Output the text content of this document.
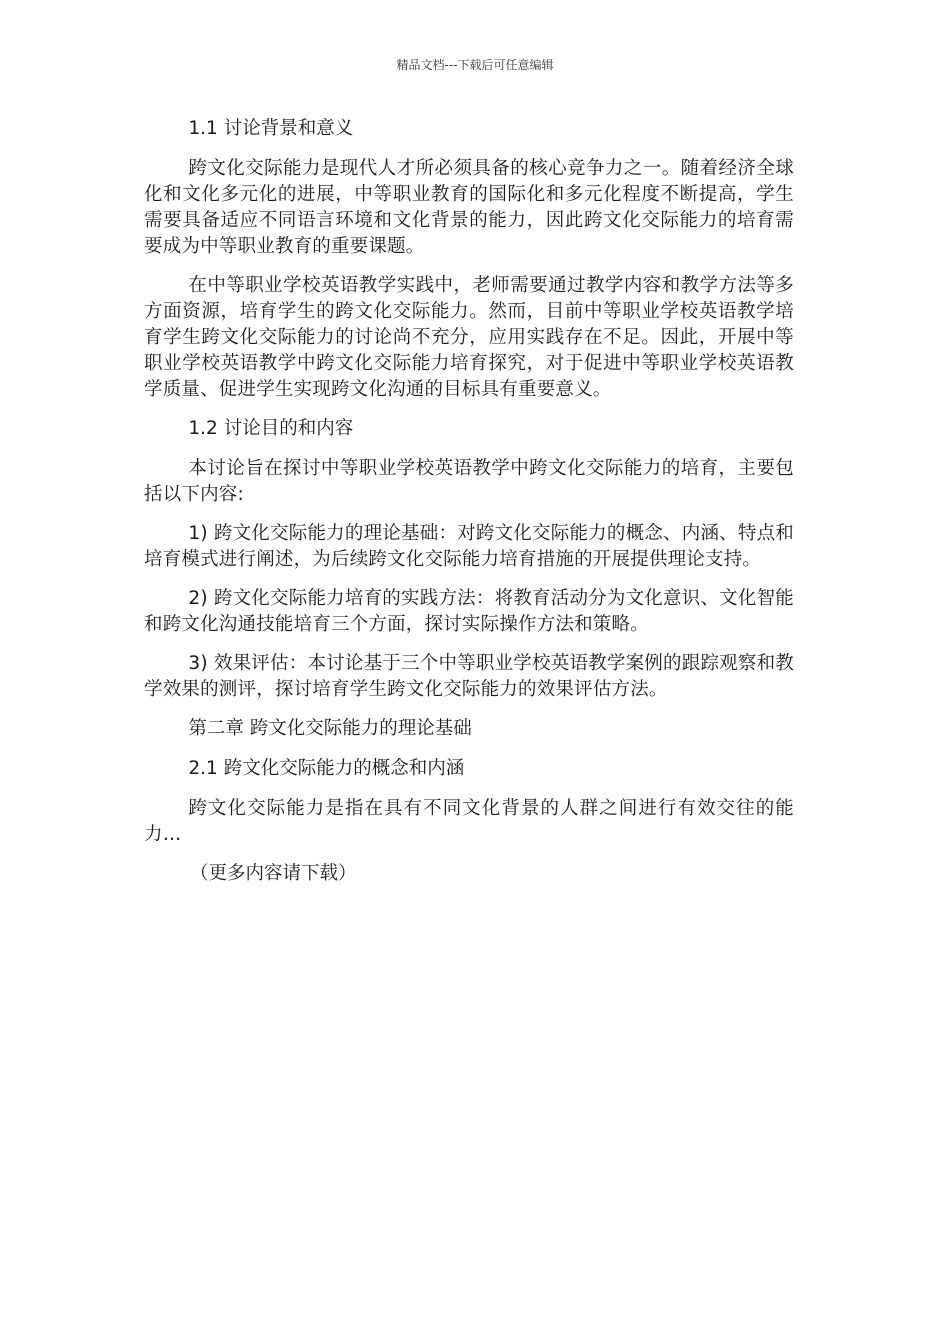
精品文档---下载后可任意编辑

1.1 讨论背景和意义

跨文化交际能力是现代人才所必须具备的核心竞争力之一。随着经济全球化和文化多元化的进展，中等职业教育的国际化和多元化程度不断提高，学生需要具备适应不同语言环境和文化背景的能力，因此跨文化交际能力的培育需要成为中等职业教育的重要课题。

在中等职业学校英语教学实践中，老师需要通过教学内容和教学方法等多方面资源，培育学生的跨文化交际能力。然而，目前中等职业学校英语教学培育学生跨文化交际能力的讨论尚不充分，应用实践存在不足。因此，开展中等职业学校英语教学中跨文化交际能力培育探究，对于促进中等职业学校英语教学质量、促进学生实现跨文化沟通的目标具有重要意义。

1.2 讨论目的和内容

本讨论旨在探讨中等职业学校英语教学中跨文化交际能力的培育，主要包括以下内容:

1) 跨文化交际能力的理论基础：对跨文化交际能力的概念、内涵、特点和培育模式进行阐述，为后续跨文化交际能力培育措施的开展提供理论支持。

2) 跨文化交际能力培育的实践方法：将教育活动分为文化意识、文化智能和跨文化沟通技能培育三个方面，探讨实际操作方法和策略。

3) 效果评估：本讨论基于三个中等职业学校英语教学案例的跟踪观察和教学效果的测评，探讨培育学生跨文化交际能力的效果评估方法。

第二章 跨文化交际能力的理论基础

2.1 跨文化交际能力的概念和内涵

跨文化交际能力是指在具有不同文化背景的人群之间进行有效交往的能力…

（更多内容请下载）
